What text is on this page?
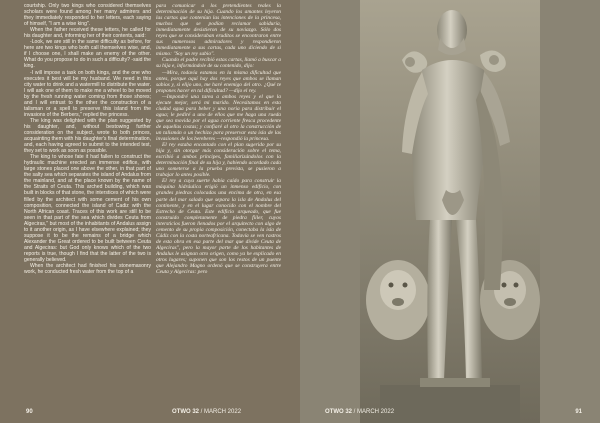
courtship. Only two kings who considered themselves scholars were found among her many admirers and they immediately responded to her letters, each saying of himself, "I am a wise king".

When the father received these letters, he called for his daughter and, informing her of their contents, said:

-Look, we are still in the same difficulty as before, for here are two kings who both call themselves wise, and, if I choose one, I shall make an enemy of the other. What do you propose to do in such a difficulty? -said the king.

-I will impose a task on both kings, and the one who executes it best will be my husband. We need in this city water to drink and a watermill to distribute the water. I will ask one of them to make me a wheel to be moved by the fresh running water coming from those shores; and I will entrust to the other the construction of a talisman or a spell to preserve this island from the invasions of the Berbers," replied the princess.

The king was delighted with the plan suggested by his daughter, and, without bestowing further consideration on the subject, wrote to both princes, acquainting them with his daughter's final determination, and, each having agreed to submit to the intended test, they set to work as soon as possible.

The king to whose fate it had fallen to construct the hydraulic machine erected an immense edifice, with large stones placed one above the other, in that part of the salty sea which separates the island of Andalus from the mainland, and at the place known by the name of the Straits of Ceuta. This arched building, which was built in blocks of that stone, the interstices of which were filled by the architect with some cement of his own composition, connected the island of Cadiz with the North African coast. Traces of this work are still to be seen in that part of the sea which divides Ceuta from Algeciras," but most of the inhabitants of Andalus assign to it another origin, as I have elsewhere explained; they suppose it to be the remains of a bridge which Alexander the Great ordered to be built between Ceuta and Algeciras: but God only knows which of the two reports is true, though I find that the latter of the two is generally believed.

When the architect had finished his stonemasonry work, he conducted fresh water from the top of a

para comunicar a los pretendientes reales la determinación de su hija. Cuando los amantes leyeron las cartas que contenían las intenciones de la princesa, muchos que se podían reclamar sabiduría, inmediatamente desistieron de su noviazgo. Sólo dos reyes que se consideraban eruditos se encontraron entre sus numerosos admiradores y respondieron inmediatamente a sus cartas, cada uno diciendo de sí mismo: "Soy un rey sabio".

Cuando el padre recibió estas cartas, llamó a buscar a su hija e, informándole de su contenido, dijo:

—Mira, todavía estamos en la misma dificultad que antes, porque aquí hay dos reyes que ambos se llaman sabios y, si elijo uno, me haré enemigo del otro. ¿Qué te propones hacer en tal dificultad? —dijo el rey.

—Impondré una tarea a ambos reyes y el que la ejecute mejor, será mi marido. Necesitamos en esta ciudad agua para beber y una noria para distribuir el agua; le pediré a uno de ellos que me haga una rueda que sea movida por el agua corriente fresca procedente de aquellas costas; y confiaré al otro la construcción de un talismán o un hechizo para preservar esta isla de las invasiones de los bereberes —respondió la princesa.

El rey estaba encantado con el plan sugerido por su hija y, sin otorgar más consideración sobre el tema, escribió a ambos príncipes, familiarizándolos con la determinación final de su hija y, habiendo acordado cada uno someterse a la prueba prevista, se pusieron a trabajar lo antes posible.

El rey a cuya suerte había caído para construir la máquina hidráulica erigió un inmenso edificio, con grandes piedras colocadas una encima de otra, en esa parte del mar salado que separa la isla de Andalus del continente, y en el lugar conocido con el nombre del Estrecho de Ceuta. Este edificio arqueado, que fue construido completamente de piedra fiiler, cuyos intersticios fueron llenados por el arquitecto con algo de cemento de su propia composición, conectaba la isla de Cádiz con la costa norteafricana. Todavía se ven rastros de esta obra en esa parte del mar que divide Ceuta de Algeciras", pero la mayor parte de los habitantes de Andalus le asignan otro origen, como ya he explicado en otros lugares; suponen que son los restos de un puente que Alejandro Magno ordenó que se construyera entre Ceuta y Algeciras: pero

90	OTWO 32 / MARCH 2022	OTWO 32 / MARCH 2022	91
